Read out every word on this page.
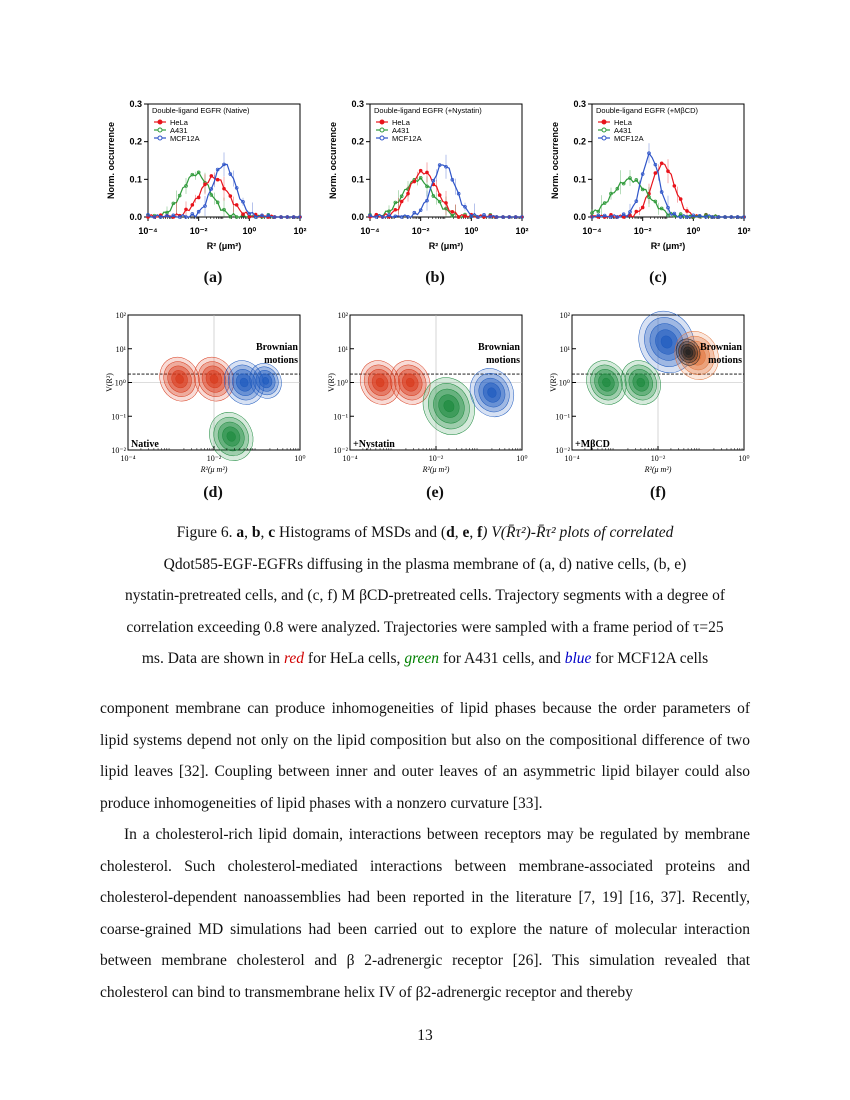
0.0
0.1
0.2
0.3
10⁻⁴	10⁻²	10⁰	10²
Norm. occurrence
R² (μm²)
Double-ligand EGFR (Native)
HeLa
A431
MCF12A
0.0
0.1
0.2
0.3
10⁻⁴	10⁻²	10⁰	10²
Norm. occurrence
R² (μm²)
Double-ligand EGFR (+Nystatin)
HeLa
A431
MCF12A
0.0
0.1
0.2
0.3
10⁻⁴	10⁻²	10⁰	10²
Norm. occurrence
R² (μm²)
Double-ligand EGFR (+MβCD)
HeLa
A431
MCF12A
(a)	(b)	(c)
10⁻²
10⁻¹
10⁰
10¹
10²
10⁻⁴	10⁻²	10⁰
V(R²)
R²(μ m²)
Brownian
motions
Native
10⁻²
10⁻¹
10⁰
10¹
10²
10⁻⁴	10⁻²	10⁰
V(R²)
R²(μ m²)
Brownian
motions
+Nystatin
10⁻²
10⁻¹
10⁰
10¹
10²
10⁻⁴	10⁻²	10⁰
V(R²)
R²(μ m²)
Brownian
motions
+MβCD
(d)	(e)	(f)
Figure 6. a, b, c Histograms of MSDs and (d, e, f) V(R̄τ²)-R̄τ² plots of correlated
Qdot585-EGF-EGFRs diffusing in the plasma membrane of (a, d) native cells, (b, e)
nystatin-pretreated cells, and (c, f) M βCD-pretreated cells. Trajectory segments with a degree of
correlation exceeding 0.8 were analyzed. Trajectories were sampled with a frame period of τ=25
ms. Data are shown in red for HeLa cells, green for A431 cells, and blue for MCF12A cells

component membrane can produce inhomogeneities of lipid phases because the order parameters of lipid systems depend not only on the lipid composition but also on the compositional difference of two lipid leaves [32]. Coupling between inner and outer leaves of an asymmetric lipid bilayer could also produce inhomogeneities of lipid phases with a nonzero curvature [33].

In a cholesterol-rich lipid domain, interactions between receptors may be regulated by membrane cholesterol. Such cholesterol-mediated interactions between membrane-associated proteins and cholesterol-dependent nanoassemblies had been reported in the literature [7, 19] [16, 37]. Recently, coarse-grained MD simulations had been carried out to explore the nature of molecular interaction between membrane cholesterol and β 2-adrenergic receptor [26]. This simulation revealed that cholesterol can bind to transmembrane helix IV of β2-adrenergic receptor and thereby

13
